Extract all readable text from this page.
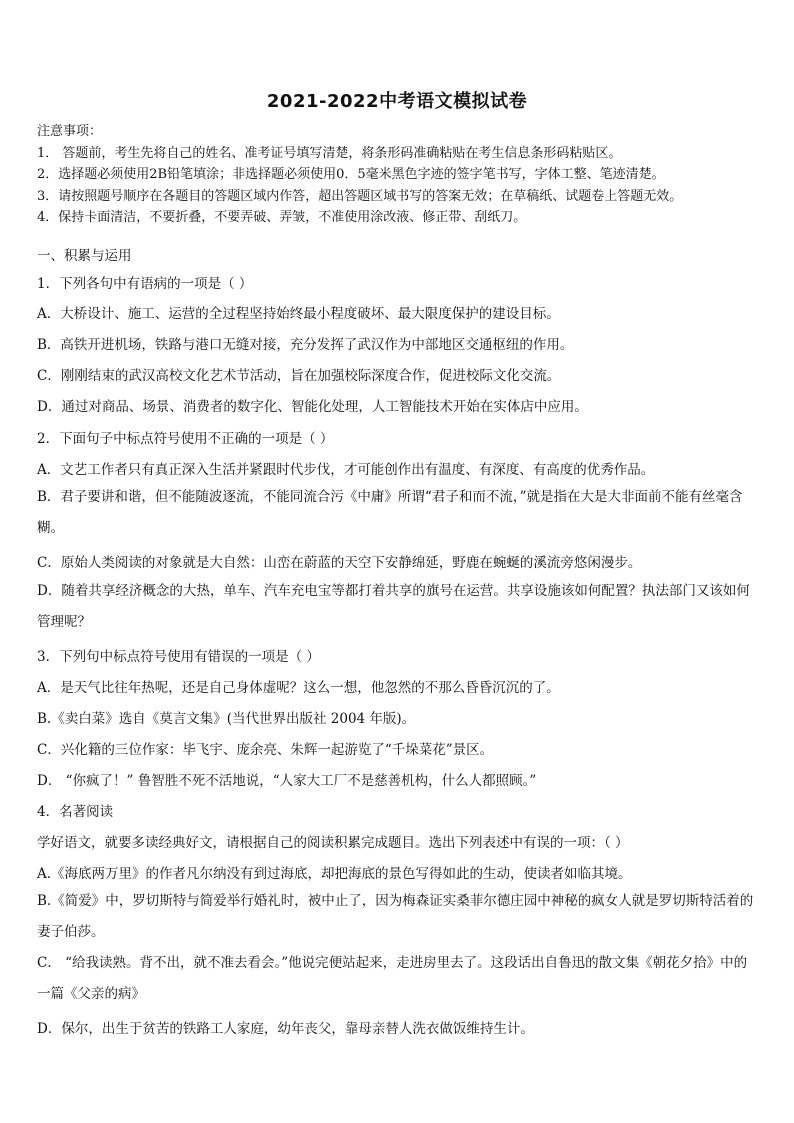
2021-2022中考语文模拟试卷
注意事项：
1． 答题前，考生先将自己的姓名、准考证号填写清楚，将条形码准确粘贴在考生信息条形码粘贴区。
2．选择题必须使用2B铅笔填涂；非选择题必须使用0．5毫米黑色字迹的签字笔书写，字体工整、笔迹清楚。
3．请按照题号顺序在各题目的答题区域内作答，超出答题区域书写的答案无效；在草稿纸、试题卷上答题无效。
4．保持卡面清洁，不要折叠，不要弄破、弄皱，不准使用涂改液、修正带、刮纸刀。
一、积累与运用
1．下列各句中有语病的一项是（ ）
A．大桥设计、施工、运营的全过程坚持始终最小程度破坏、最大限度保护的建设目标。
B．高铁开进机场，铁路与港口无缝对接，充分发挥了武汉作为中部地区交通枢纽的作用。
C．刚刚结束的武汉高校文化艺术节活动，旨在加强校际深度合作，促进校际文化交流。
D．通过对商品、场景、消费者的数字化、智能化处理，人工智能技术开始在实体店中应用。
2．下面句子中标点符号使用不正确的一项是（ ）
A．文艺工作者只有真正深入生活并紧跟时代步伐，才可能创作出有温度、有深度、有高度的优秀作品。
B．君子要讲和谐，但不能随波逐流，不能同流合污《中庸》所谓“君子和而不流，”就是指在大是大非面前不能有丝毫含糊。
C．原始人类阅读的对象就是大自然：山峦在蔚蓝的天空下安静绵延，野鹿在蜿蜒的溪流旁悠闲漫步。
D．随着共享经济概念的大热，单车、汽车充电宝等都打着共享的旗号在运营。共享设施该如何配置？执法部门又该如何管理呢？
3．下列句中标点符号使用有错误的一项是（ ）
A．是天气比往年热呢，还是自己身体虚呢？这么一想，他忽然的不那么昏昏沉沉的了。
B.《卖白菜》选自《莫言文集》(当代世界出版社 2004 年版)。
C．兴化籍的三位作家：毕飞宇、庞余亮、朱辉一起游览了“千垛菜花”景区。
D． “你疯了！” 鲁智胜不死不活地说，“人家大工厂不是慈善机构，什么人都照顾。”
4．名著阅读
学好语文，就要多读经典好文，请根据自己的阅读积累完成题目。选出下列表述中有误的一项：（ ）
A.《海底两万里》的作者凡尔纳没有到过海底，却把海底的景色写得如此的生动，使读者如临其境。
B.《简爱》中，罗切斯特与简爱举行婚礼时，被中止了，因为梅森证实桑菲尔德庄园中神秘的疯女人就是罗切斯特活着的妻子伯莎。
C． “给我读熟。背不出，就不准去看会。”他说完便站起来，走进房里去了。这段话出自鲁迅的散文集《朝花夕拾》中的一篇《父亲的病》
D．保尔，出生于贫苦的铁路工人家庭，幼年丧父，靠母亲替人洗衣做饭维持生计。
